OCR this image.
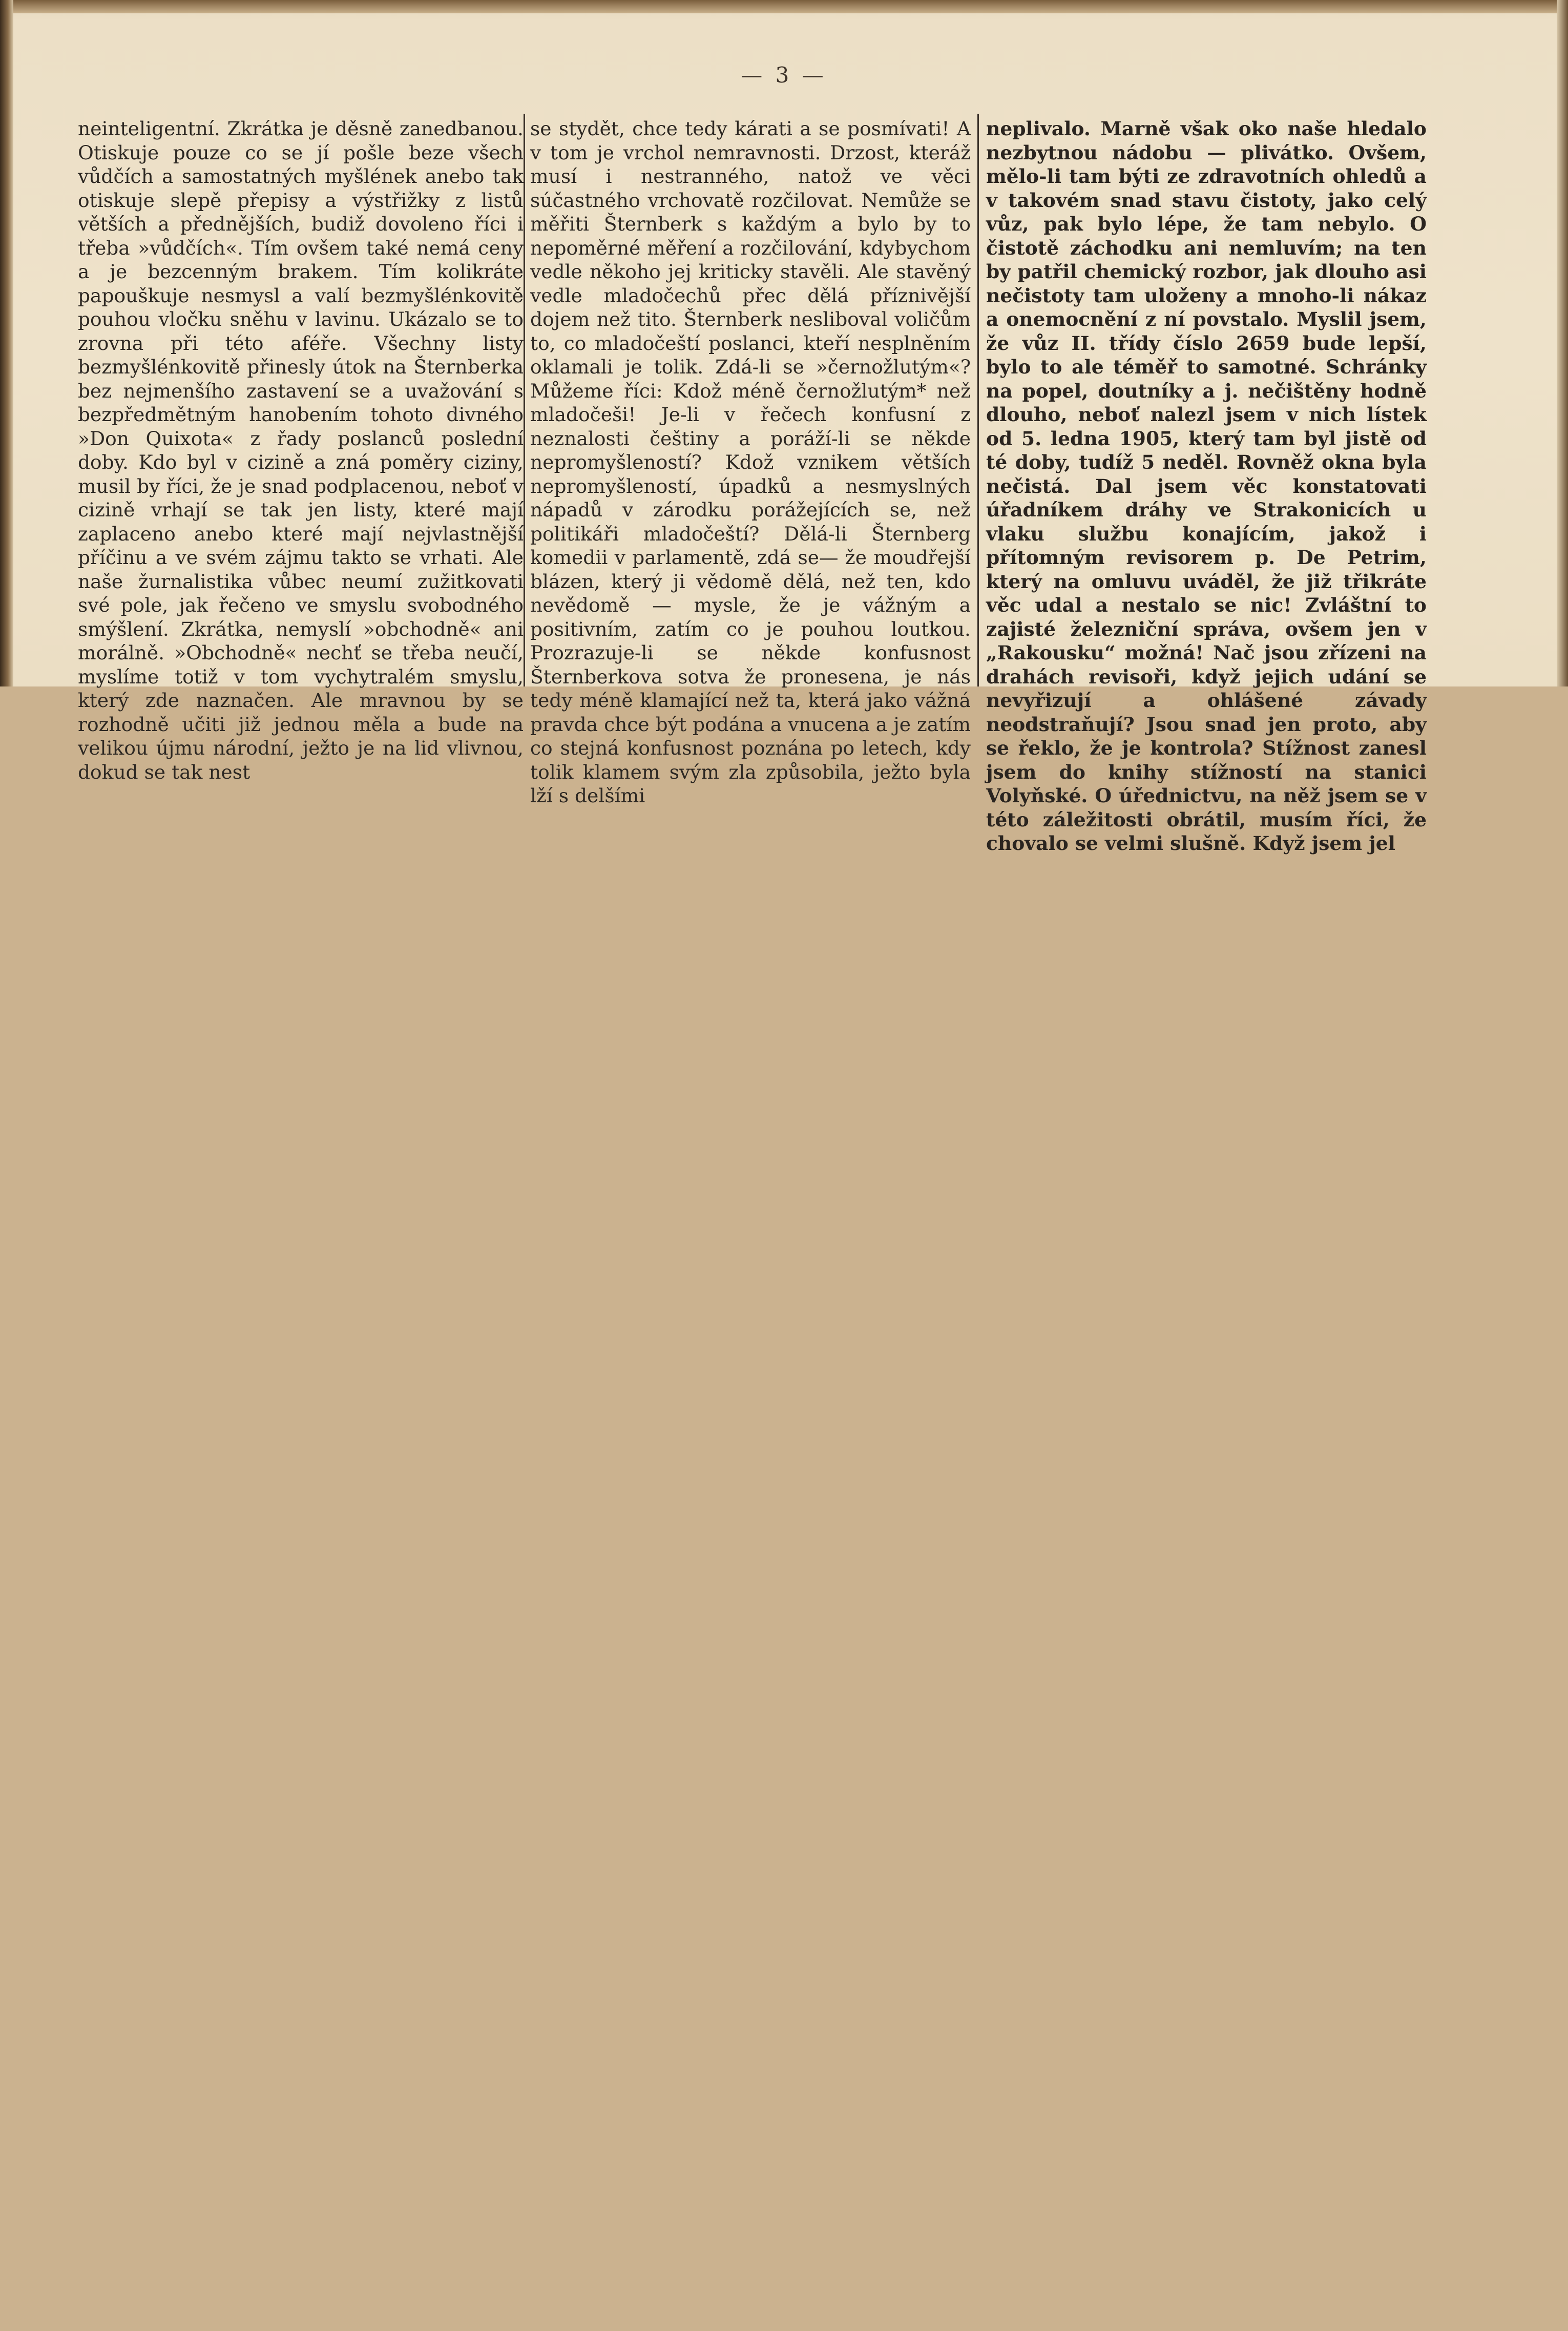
— 3 —

neinteligentní. Zkrátka je děsně zanedbanou. Otiskuje pouze co se jí pošle beze všech vůdčích a samostatných myšlének anebo tak otiskuje slepě přepisy a výstřižky z listů větších a přednějších, budiž dovoleno říci i třeba »vůdčích«. Tím ovšem také nemá ceny a je bezcenným brakem. Tím kolikráte papouškuje nesmysl a valí bezmyšlénkovitě pouhou vločku sněhu v lavinu. Ukázalo se to zrovna při této aféře. Všechny listy bezmyšlénkovitě přinesly útok na Šternberka bez nejmenšího zastavení se a uvažování s bezpředmětným hanobením tohoto divného »Don Quixota« z řady poslanců poslední doby. Kdo byl v cizině a zná poměry ciziny, musil by říci, že je snad podplacenou, neboť v cizině vrhají se tak jen listy, které mají zaplaceno anebo které mají nejvlastnější příčinu a ve svém zájmu takto se vrhati. Ale naše žurnalistika vůbec neumí zužitkovati své pole, jak řečeno ve smyslu svobodného smýšlení. Zkrátka, nemyslí »obchodně« ani morálně. »Obchodně« nechť se třeba neučí, myslíme totiž v tom vychytralém smyslu, který zde naznačen. Ale mravnou by se rozhodně učiti již jednou měla a bude na velikou újmu národní, ježto je na lid vlivnou, dokud se tak nest

se stydět, chce tedy kárati a se posmívati! A v tom je vrchol nemravnosti. Drzost, kteráž musí i nestranného, natož ve věci súčastného vrchovatě rozčilovat. Nemůže se měřiti Šternberk s každým a bylo by to nepoměrné měření a rozčilování, kdybychom vedle někoho jej kriticky stavěli. Ale stavěný vedle mladočechů přec dělá příznivější dojem než tito. Šternberk nesliboval voličům to, co mladočeští poslanci, kteří nesplněním oklamali je tolik. Zdá-li se »černožlutým«? Můžeme říci: Kdož méně černožlutým* než mladočeši! Je-li v řečech konfusní z neznalosti češtiny a poráží-li se někde nepromyšleností? Kdož vznikem větších nepromyšleností, úpadků a nesmyslných nápadů v zárodku porážejících se, než politikáři mladočeští? Dělá-li Šternberg komedii v parlamentě, zdá se— že moudřejší blázen, který ji vědomě dělá, než ten, kdo nevědomě — mysle, že je vážným a positivním, zatím co je pouhou loutkou. Prozrazuje-li se někde konfusnost Šternberkova sotva že pronesena, je nás tedy méně klamající než ta, která jako vážná pravda chce být podána a vnucena a je zatím co stejná konfusnost poznána po letech, kdy tolik klamem svým zla způsobila, ježto byla lží s delšími

neplivalo. Marně však oko naše hledalo nezbytnou nádobu — plivátko. Ovšem, mělo-li tam býti ze zdravotních ohledů a v takovém snad stavu čistoty, jako celý vůz, pak bylo lépe, že tam nebylo. O čistotě záchodku ani nemluvím; na ten by patřil chemický rozbor, jak dlouho asi nečistoty tam uloženy a mnoho-li nákaz a onemocnění z ní povstalo. Myslil jsem, že vůz II. třídy číslo 2659 bude lepší, bylo to ale téměř to samotné. Schránky na popel, doutníky a j. nečištěny hodně dlouho, neboť nalezl jsem v nich lístek od 5. ledna 1905, který tam byl jistě od té doby, tudíž 5 neděl. Rovněž okna byla nečistá. Dal jsem věc konstatovati úřadníkem dráhy ve Strakonicích u vlaku službu konajícím, jakož i přítomným revisorem p. De Petrim, který na omluvu uváděl, že již třikráte věc udal a nestalo se nic! Zvláštní to zajisté železniční správa, ovšem jen v „Rakousku“ možná! Nač jsou zřízeni na drahách revisoři, když jejich udání se nevyřizují a ohlášené závady neodstraňují? Jsou snad jen proto, aby se řeklo, že je kontrola? Stížnost zanesl jsem do knihy stížností na stanici Volyňské. O úřednictvu, na něž jsem se v této záležitosti obrátil, musím říci, že chovalo se velmi slušně. Když jsem jel
